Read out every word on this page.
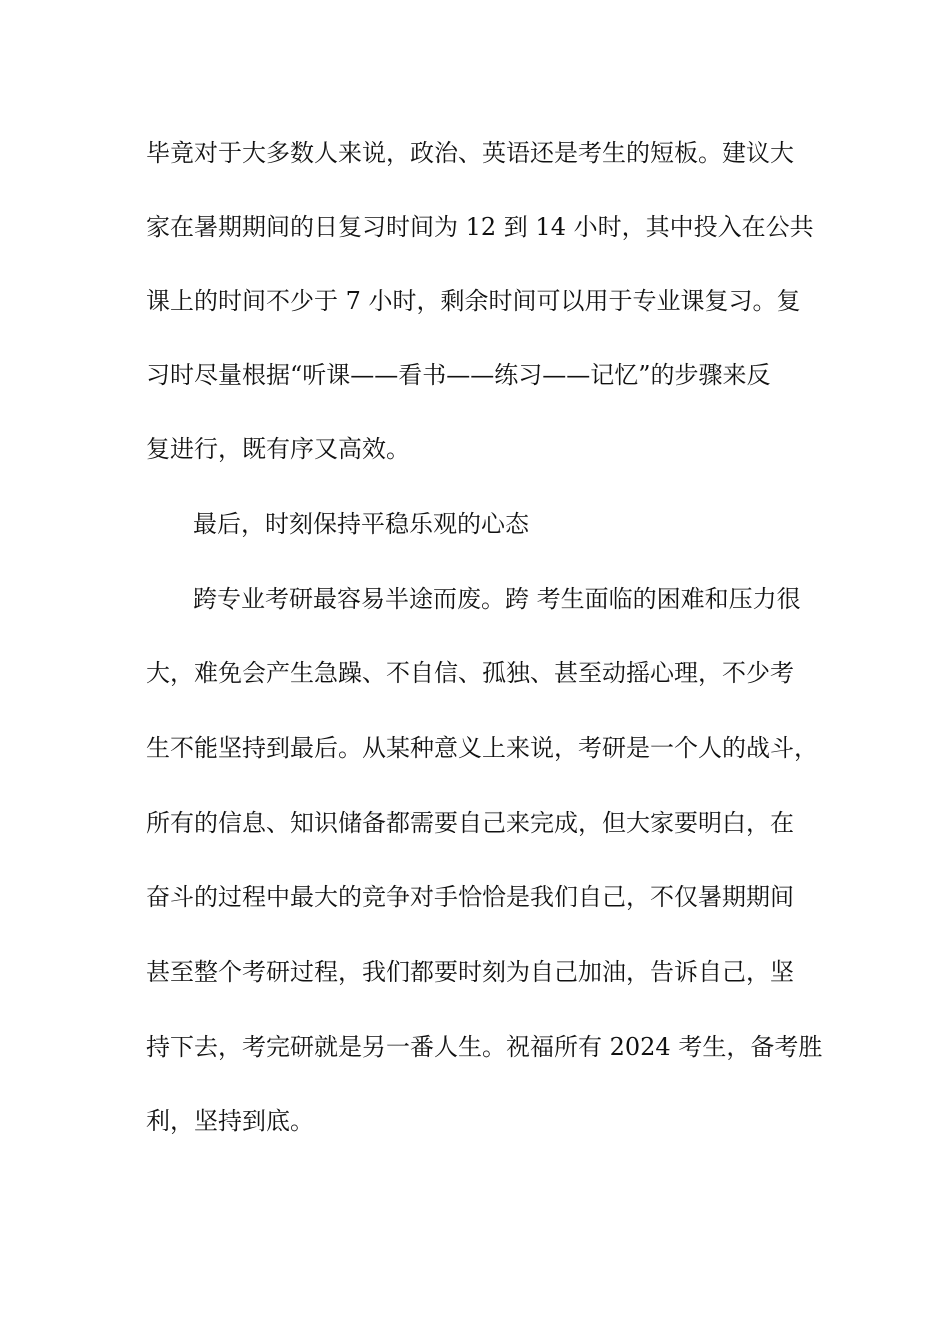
毕竟对于大多数人来说，政治、英语还是考生的短板。建议大
家在暑期期间的日复习时间为 12 到 14 小时，其中投入在公共
课上的时间不少于 7 小时，剩余时间可以用于专业课复习。复
习时尽量根据“听课——看书——练习——记忆”的步骤来反
复进行，既有序又高效。
最后，时刻保持平稳乐观的心态
跨专业考研最容易半途而废。跨 考生面临的困难和压力很
大，难免会产生急躁、不自信、孤独、甚至动摇心理，不少考
生不能坚持到最后。从某种意义上来说，考研是一个人的战斗，
所有的信息、知识储备都需要自己来完成，但大家要明白，在
奋斗的过程中最大的竞争对手恰恰是我们自己，不仅暑期期间
甚至整个考研过程，我们都要时刻为自己加油，告诉自己，坚
持下去，考完研就是另一番人生。祝福所有 2024 考生，备考胜
利，坚持到底。
